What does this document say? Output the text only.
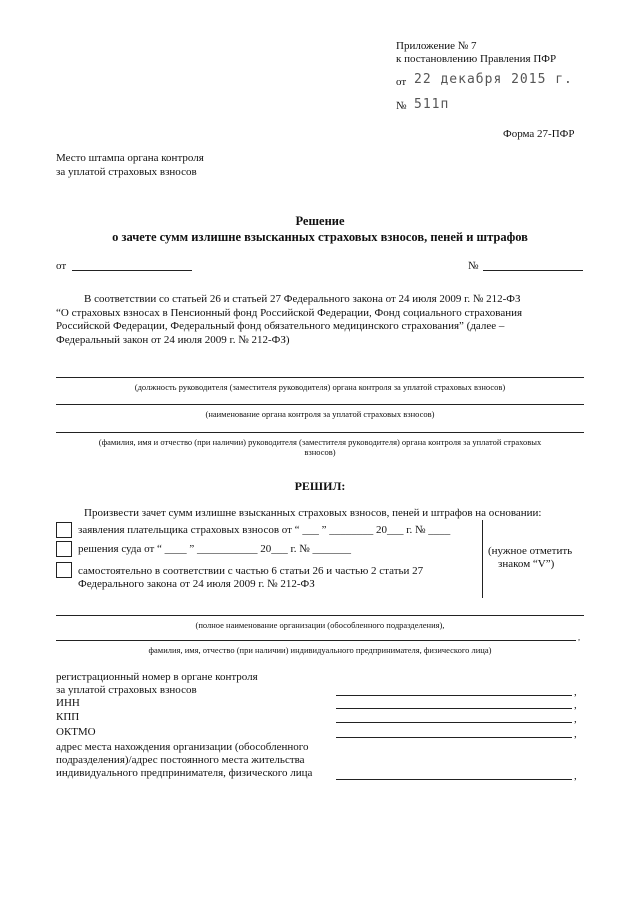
Приложение № 7
к постановлению Правления ПФР
от 22 декабря 2015 г.
№ 511п
Форма 27-ПФР
Место штампа органа контроля
за уплатой страховых взносов
Решение
о зачете сумм излишне взысканных страховых взносов, пеней и штрафов
от	№
В соответствии со статьей 26 и статьей 27 Федерального закона от 24 июля 2009 г. № 212-ФЗ
“О страховых взносах в Пенсионный фонд Российской Федерации, Фонд социального страхования
Российской Федерации, Федеральный фонд обязательного медицинского страхования” (далее –
Федеральный закон от 24 июля 2009 г. № 212-ФЗ)
(должность руководителя (заместителя руководителя) органа контроля за уплатой страховых взносов)
(наименование органа контроля за уплатой страховых взносов)
(фамилия, имя и отчество (при наличии) руководителя (заместителя руководителя) органа контроля за уплатой страховых
взносов)
РЕШИЛ:
Произвести зачет сумм излишне взысканных страховых взносов, пеней и штрафов на основании:
заявления плательщика страховых взносов от “ ___ ” ________ 20___ г. № ____
решения суда от “ ____ ” ___________ 20___ г. № _______
самостоятельно в соответствии с частью 6 статьи 26 и частью 2 статьи 27
Федерального закона от 24 июля 2009 г. № 212-ФЗ
(нужное отметить
знаком “V”)
(полное наименование организации (обособленного подразделения),
,
фамилия, имя, отчество (при наличии) индивидуального предпринимателя, физического лица)
регистрационный номер в органе контроля
за уплатой страховых взносов	,
ИНН	,
КПП	,
ОКТМО	,
адрес места нахождения организации (обособленного
подразделения)/адрес постоянного места жительства
индивидуального предпринимателя, физического лица	,
